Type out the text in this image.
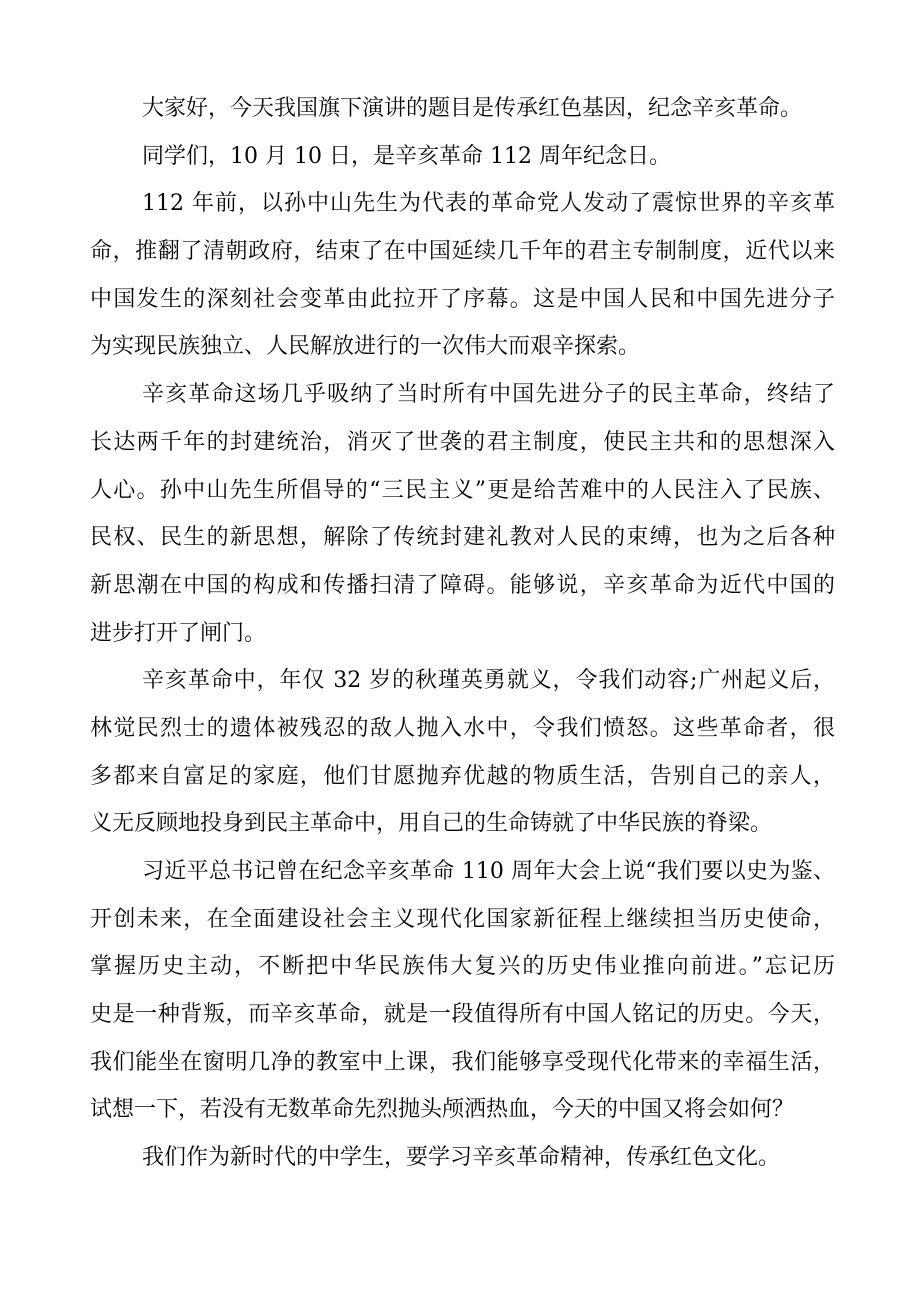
大家好，今天我国旗下演讲的题目是传承红色基因，纪念辛亥革命。
同学们，10 月 10 日，是辛亥革命 112 周年纪念日。
112 年前，以孙中山先生为代表的革命党人发动了震惊世界的辛亥革
命，推翻了清朝政府，结束了在中国延续几千年的君主专制制度，近代以来
中国发生的深刻社会变革由此拉开了序幕。这是中国人民和中国先进分子
为实现民族独立、人民解放进行的一次伟大而艰辛探索。
辛亥革命这场几乎吸纳了当时所有中国先进分子的民主革命，终结了
长达两千年的封建统治，消灭了世袭的君主制度，使民主共和的思想深入
人心。孙中山先生所倡导的“三民主义”更是给苦难中的人民注入了民族、
民权、民生的新思想，解除了传统封建礼教对人民的束缚，也为之后各种
新思潮在中国的构成和传播扫清了障碍。能够说，辛亥革命为近代中国的
进步打开了闸门。
辛亥革命中，年仅 32 岁的秋瑾英勇就义，令我们动容;广州起义后，
林觉民烈士的遗体被残忍的敌人抛入水中，令我们愤怒。这些革命者，很
多都来自富足的家庭，他们甘愿抛弃优越的物质生活，告别自己的亲人，
义无反顾地投身到民主革命中，用自己的生命铸就了中华民族的脊梁。
习近平总书记曾在纪念辛亥革命 110 周年大会上说“我们要以史为鉴、
开创未来，在全面建设社会主义现代化国家新征程上继续担当历史使命，
掌握历史主动，不断把中华民族伟大复兴的历史伟业推向前进。”忘记历
史是一种背叛，而辛亥革命，就是一段值得所有中国人铭记的历史。今天，
我们能坐在窗明几净的教室中上课，我们能够享受现代化带来的幸福生活，
试想一下，若没有无数革命先烈抛头颅洒热血，今天的中国又将会如何？
我们作为新时代的中学生，要学习辛亥革命精神，传承红色文化。
